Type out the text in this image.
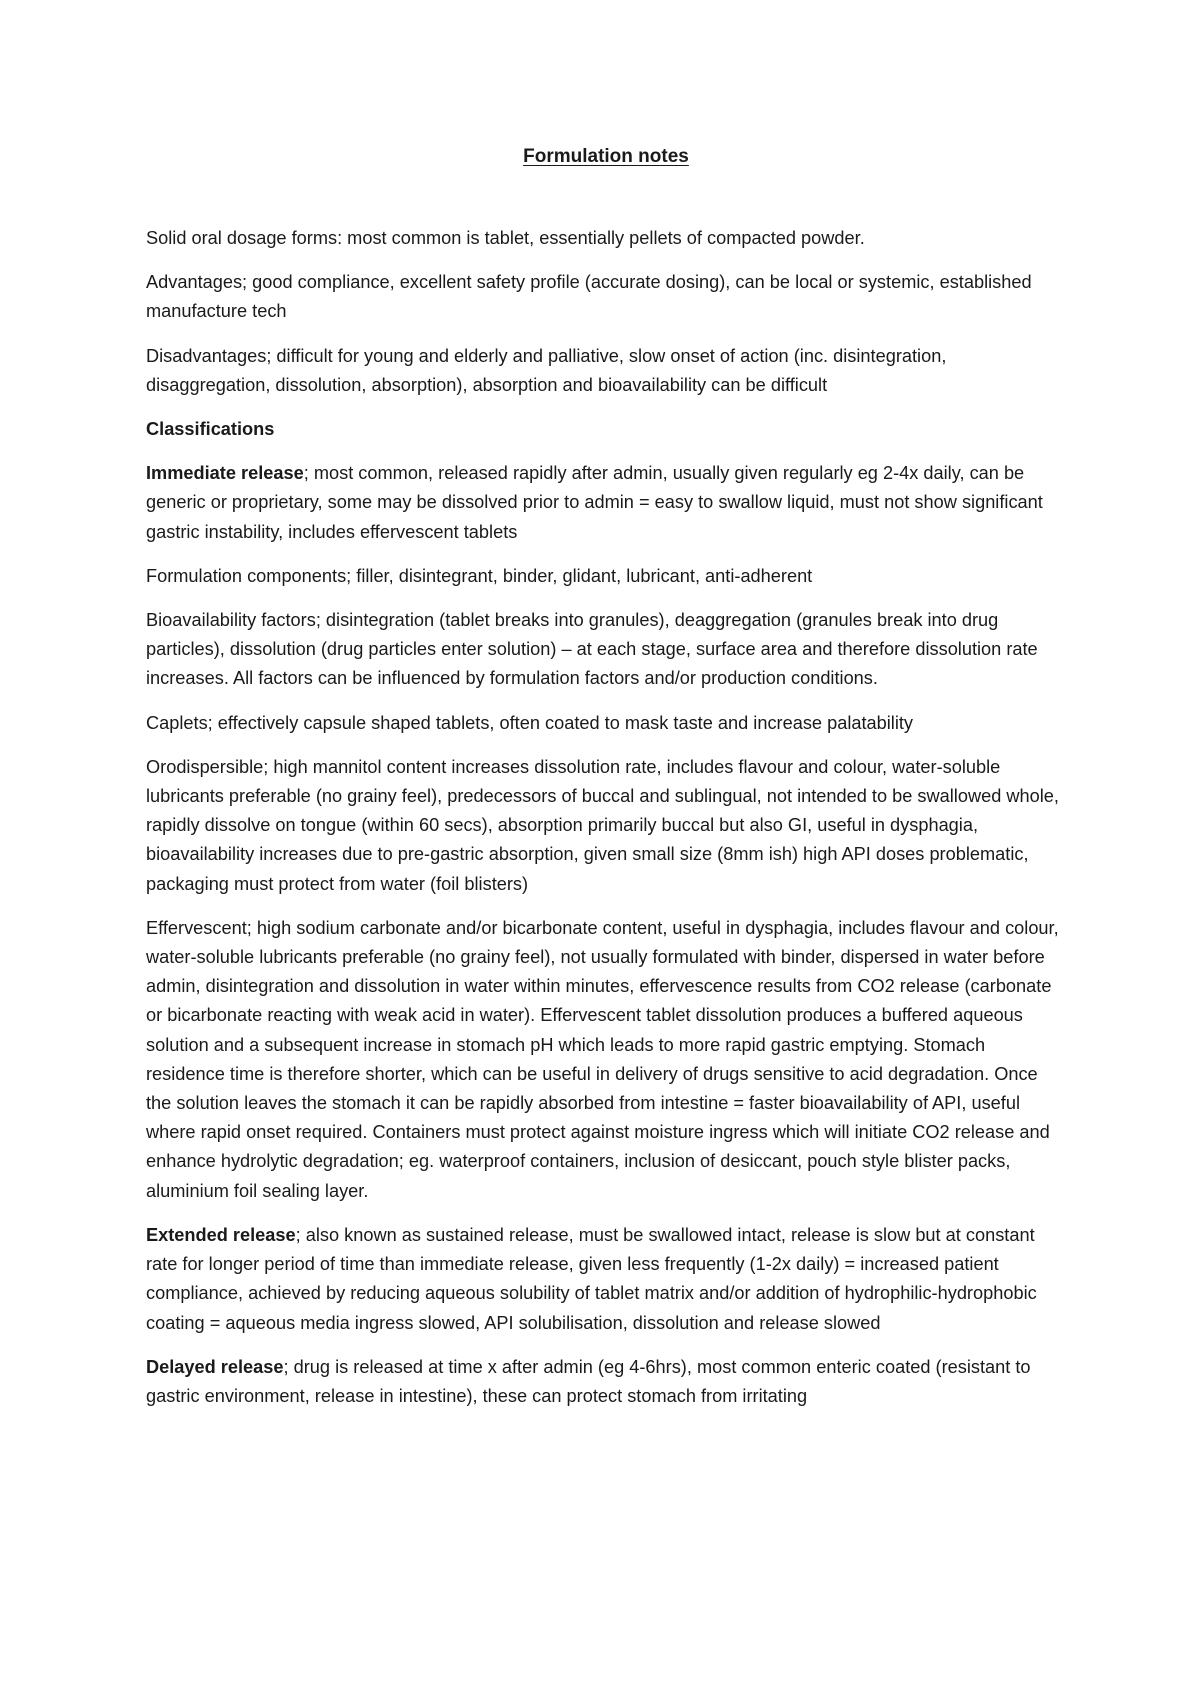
Formulation notes

Solid oral dosage forms: most common is tablet, essentially pellets of compacted powder.

Advantages; good compliance, excellent safety profile (accurate dosing), can be local or systemic, established manufacture tech

Disadvantages; difficult for young and elderly and palliative, slow onset of action (inc. disintegration, disaggregation, dissolution, absorption), absorption and bioavailability can be difficult

Classifications

Immediate release; most common, released rapidly after admin, usually given regularly eg 2-4x daily, can be generic or proprietary, some may be dissolved prior to admin = easy to swallow liquid, must not show significant gastric instability, includes effervescent tablets

Formulation components; filler, disintegrant, binder, glidant, lubricant, anti-adherent

Bioavailability factors; disintegration (tablet breaks into granules), deaggregation (granules break into drug particles), dissolution (drug particles enter solution) – at each stage, surface area and therefore dissolution rate increases. All factors can be influenced by formulation factors and/or production conditions.

Caplets; effectively capsule shaped tablets, often coated to mask taste and increase palatability

Orodispersible; high mannitol content increases dissolution rate, includes flavour and colour, water-soluble lubricants preferable (no grainy feel), predecessors of buccal and sublingual, not intended to be swallowed whole, rapidly dissolve on tongue (within 60 secs), absorption primarily buccal but also GI, useful in dysphagia, bioavailability increases due to pre-gastric absorption, given small size (8mm ish) high API doses problematic, packaging must protect from water (foil blisters)

Effervescent; high sodium carbonate and/or bicarbonate content, useful in dysphagia, includes flavour and colour, water-soluble lubricants preferable (no grainy feel), not usually formulated with binder, dispersed in water before admin, disintegration and dissolution in water within minutes, effervescence results from CO2 release (carbonate or bicarbonate reacting with weak acid in water). Effervescent tablet dissolution produces a buffered aqueous solution and a subsequent increase in stomach pH which leads to more rapid gastric emptying. Stomach residence time is therefore shorter, which can be useful in delivery of drugs sensitive to acid degradation. Once the solution leaves the stomach it can be rapidly absorbed from intestine = faster bioavailability of API, useful where rapid onset required. Containers must protect against moisture ingress which will initiate CO2 release and enhance hydrolytic degradation; eg. waterproof containers, inclusion of desiccant, pouch style blister packs, aluminium foil sealing layer.

Extended release; also known as sustained release, must be swallowed intact, release is slow but at constant rate for longer period of time than immediate release, given less frequently (1-2x daily) = increased patient compliance, achieved by reducing aqueous solubility of tablet matrix and/or addition of hydrophilic-hydrophobic coating = aqueous media ingress slowed, API solubilisation, dissolution and release slowed

Delayed release; drug is released at time x after admin (eg 4-6hrs), most common enteric coated (resistant to gastric environment, release in intestine), these can protect stomach from irritating
